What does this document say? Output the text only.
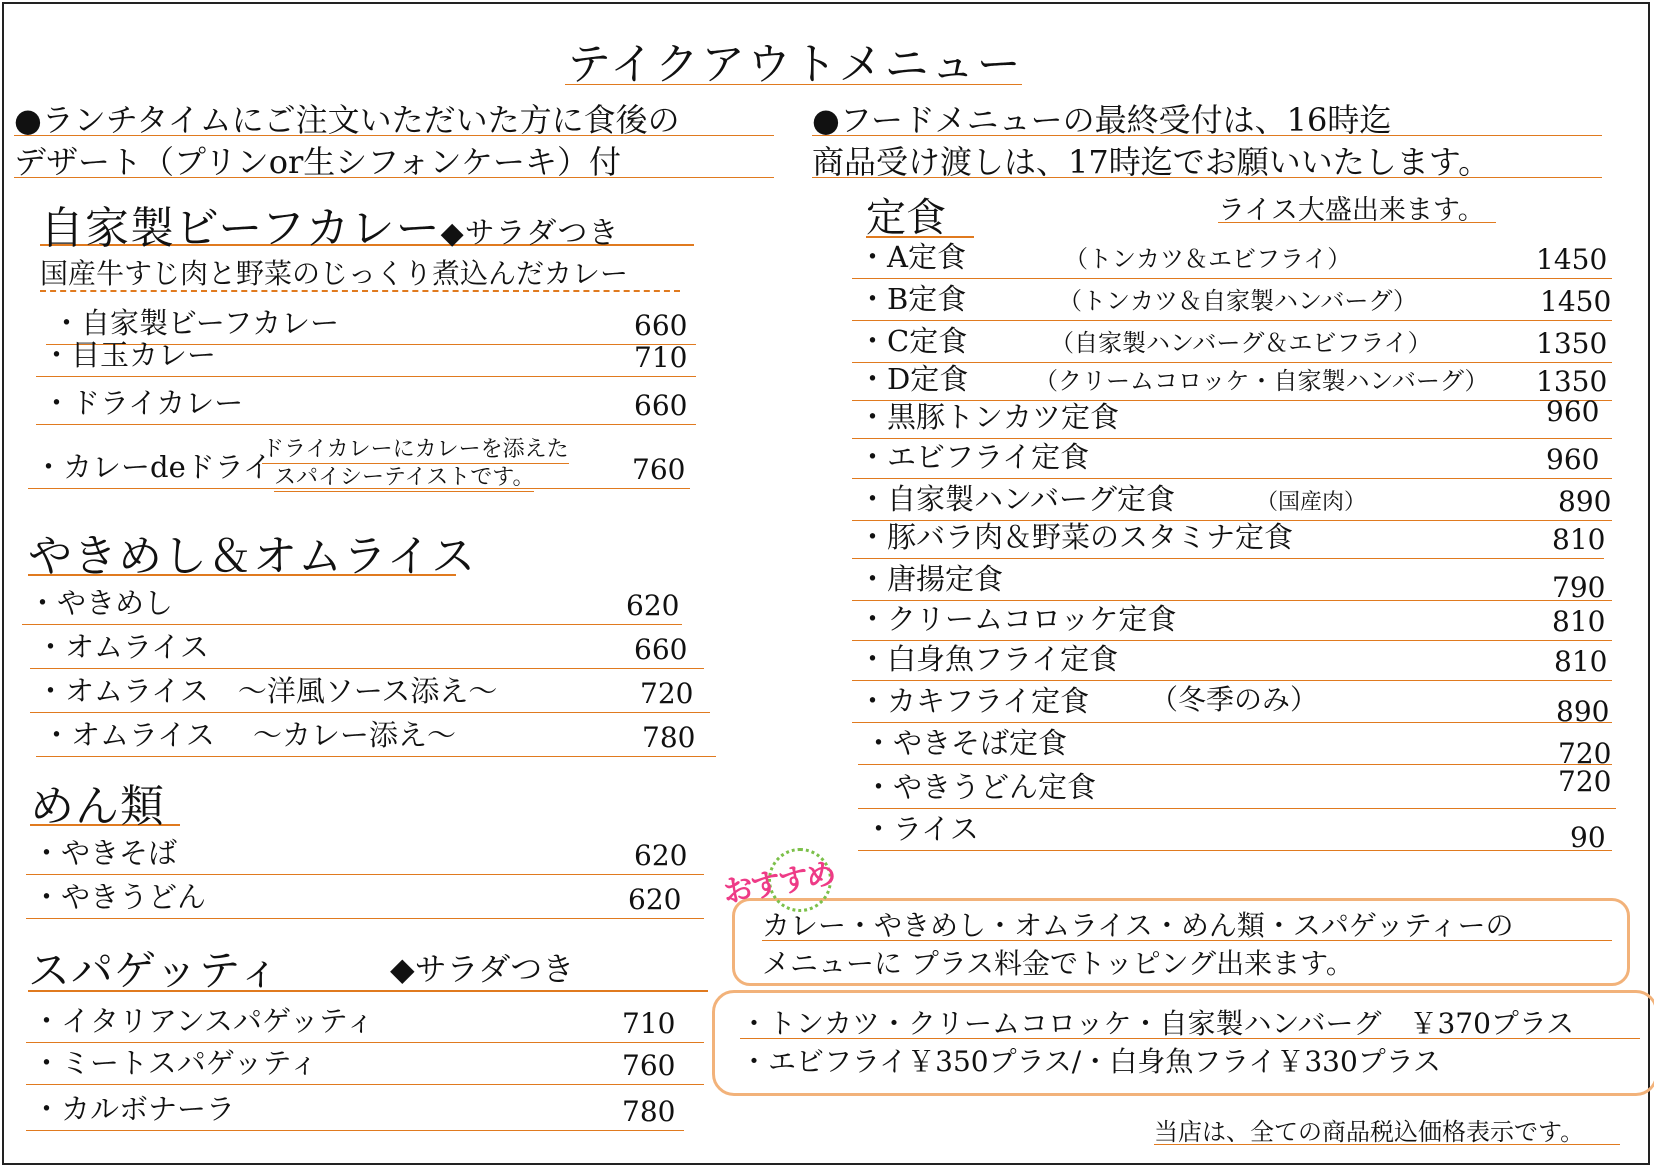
テイクアウトメニュー
●ランチタイムにご注文いただいた方に食後の
デザート（プリンor生シフォンケーキ）付
●フードメニューの最終受付は、16時迄
商品受け渡しは、17時迄でお願いいたします。
自家製ビーフカレー◆サラダつき
国産牛すじ肉と野菜のじっくり煮込んだカレー
・自家製ビーフカレー	660
・目玉カレー	710
・ドライカレー	660
・カレーdeドライ
ドライカレーにカレーを添えた
スパイシーテイストです。	760
やきめし＆オムライス
・やきめし	620
・オムライス	660
・オムライス　～洋風ソース添え～	720
・オムライス　 ～カレー添え～	780
めん類
・やきそば	620
・やきうどん	620
スパゲッティ	◆サラダつき
・イタリアンスパゲッティ	710
・ミートスパゲッティ	760
・カルボナーラ	780
定食	ライス大盛出来ます。
・A定食	（トンカツ＆エビフライ）	1450
・B定食	（トンカツ＆自家製ハンバーグ）	1450
・C定食	（自家製ハンバーグ＆エビフライ）	1350
・D定食	（クリームコロッケ・自家製ハンバーグ） 1350
・黒豚トンカツ定食	960
・エビフライ定食	960
・自家製ハンバーグ定食	（国産肉）	890
・豚バラ肉＆野菜のスタミナ定食	810
・唐揚定食	790
・クリームコロッケ定食	810
・白身魚フライ定食	810
・カキフライ定食 （冬季のみ）	890
・やきそば定食	720
・やきうどん定食	720
・ライス	90
おすすめ
カレー・やきめし・オムライス・めん類・スパゲッティーの
メニューに プラス料金でトッピング出来ます。
・トンカツ・クリームコロッケ・自家製ハンバーグ　￥370プラス
・エビフライ￥350プラス/・白身魚フライ￥330プラス
当店は、全ての商品税込価格表示です。
